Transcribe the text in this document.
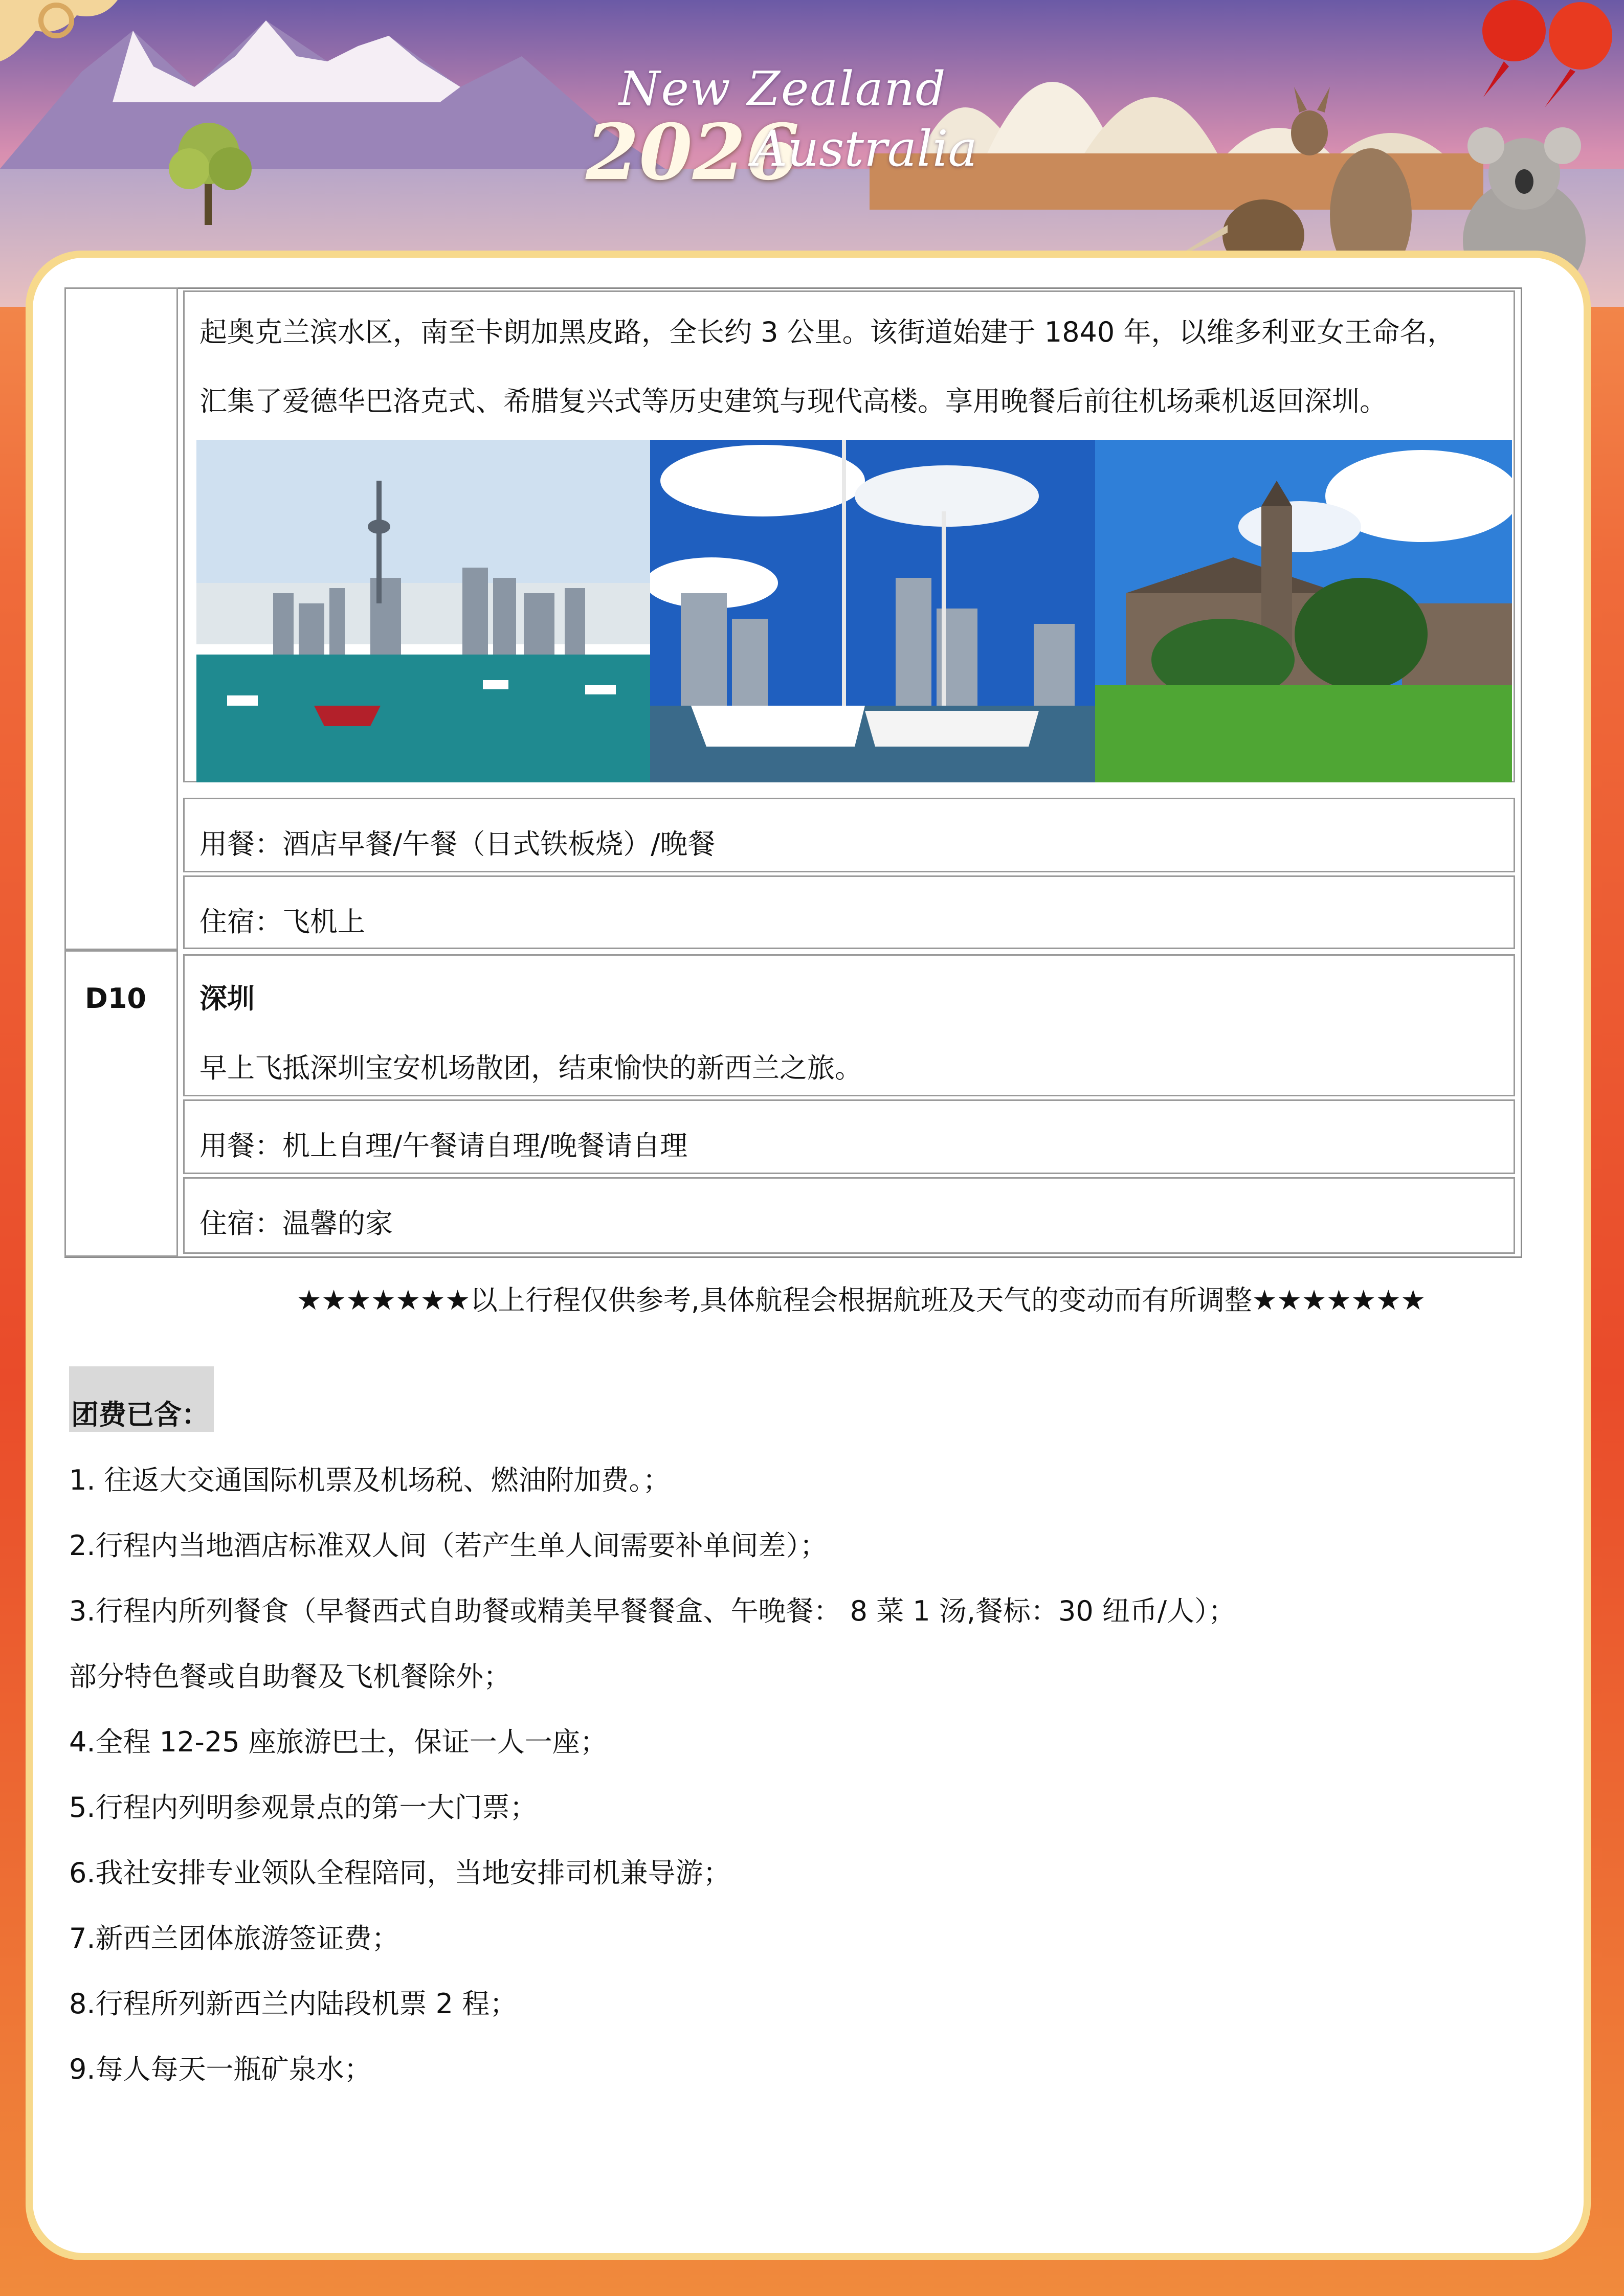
New Zealand
2026
Australia
起奥克兰滨水区，南至卡朗加黑皮路，全长约 3 公里。该街道始建于 1840 年，以维多利亚女王命名，
汇集了爱德华巴洛克式、希腊复兴式等历史建筑与现代高楼。享用晚餐后前往机场乘机返回深圳。
用餐：酒店早餐/午餐（日式铁板烧）/晚餐
住宿：飞机上
D10 深圳
早上飞抵深圳宝安机场散团，结束愉快的新西兰之旅。
用餐：机上自理/午餐请自理/晚餐请自理
住宿：温馨的家
★★★★★★★以上行程仅供参考,具体航程会根据航班及天气的变动而有所调整★★★★★★★
团费已含：
1. 往返大交通国际机票及机场税、燃油附加费。；
2.行程内当地酒店标准双人间（若产生单人间需要补单间差）；
3.行程内所列餐食（早餐西式自助餐或精美早餐餐盒、午晚餐： 8 菜 1 汤,餐标：30 纽币/人）；
部分特色餐或自助餐及飞机餐除外；
4.全程 12-25 座旅游巴士，保证一人一座；
5.行程内列明参观景点的第一大门票；
6.我社安排专业领队全程陪同，当地安排司机兼导游；
7.新西兰团体旅游签证费；
8.行程所列新西兰内陆段机票 2 程；
9.每人每天一瓶矿泉水；
